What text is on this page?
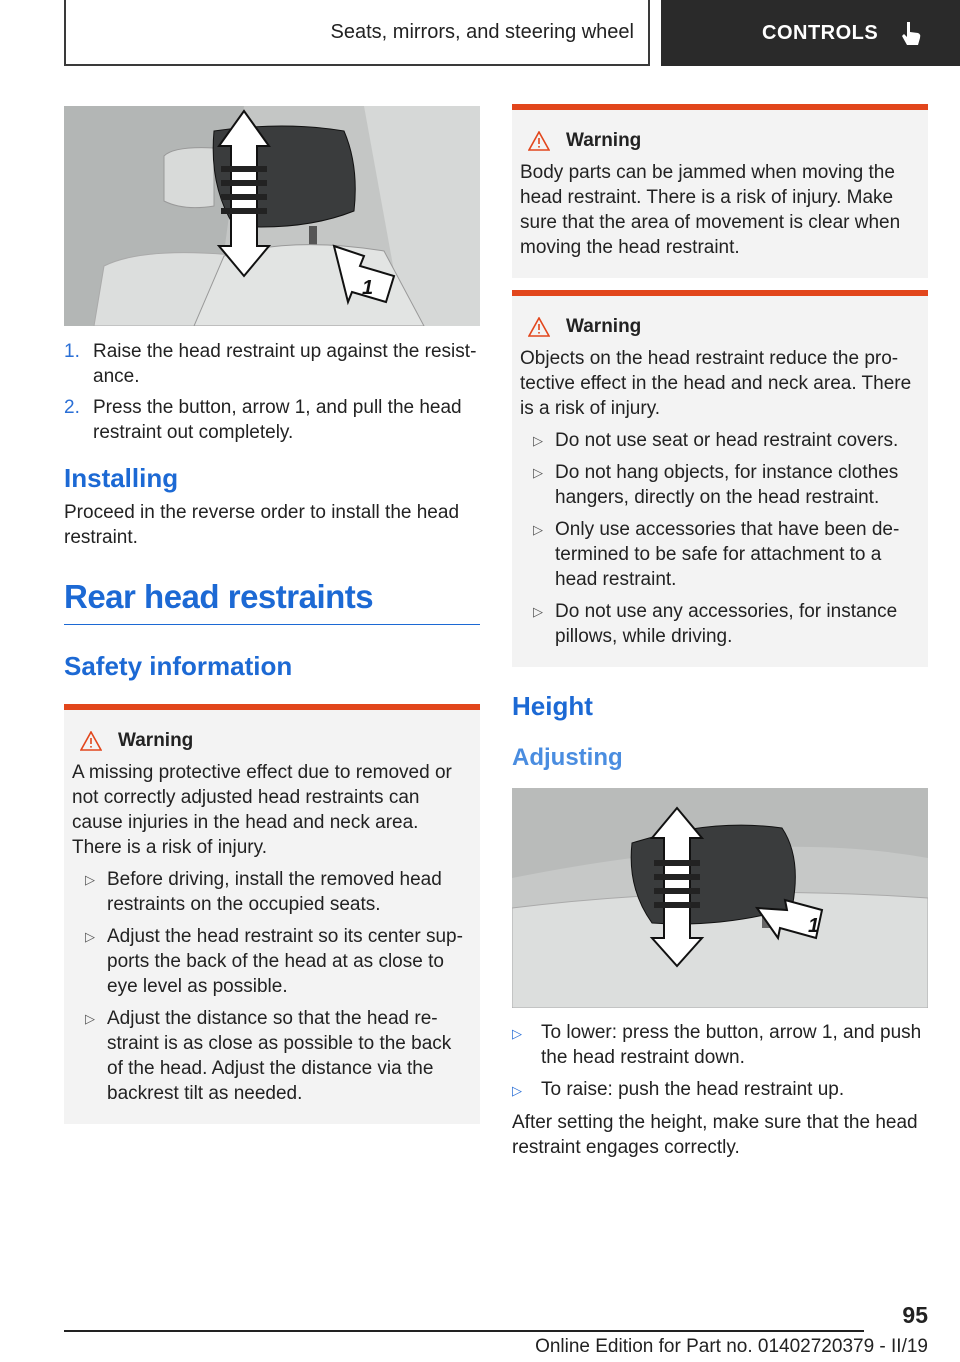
Seats, mirrors, and steering wheel	CONTROLS
1
1. Raise the head restraint up against the resistance.
2. Press the button, arrow 1, and pull the head restraint out completely.
Installing
Proceed in the reverse order to install the head restraint.
Rear head restraints
Safety information
Warning
A missing protective effect due to removed or not correctly adjusted head restraints can cause injuries in the head and neck area. There is a risk of injury.
▷ Before driving, install the removed head restraints on the occupied seats.
▷ Adjust the head restraint so its center supports the back of the head at as close to eye level as possible.
▷ Adjust the distance so that the head restraint is as close as possible to the back of the head. Adjust the distance via the backrest tilt as needed.
Warning
Body parts can be jammed when moving the head restraint. There is a risk of injury. Make sure that the area of movement is clear when moving the head restraint.
Warning
Objects on the head restraint reduce the protective effect in the head and neck area. There is a risk of injury.
▷ Do not use seat or head restraint covers.
▷ Do not hang objects, for instance clothes hangers, directly on the head restraint.
▷ Only use accessories that have been determined to be safe for attachment to a head restraint.
▷ Do not use any accessories, for instance pillows, while driving.
Height
Adjusting
1
▷	To lower: press the button, arrow 1, and push the head restraint down.
▷	To raise: push the head restraint up.
After setting the height, make sure that the head restraint engages correctly.
95
Online Edition for Part no. 01402720379 - II/19
